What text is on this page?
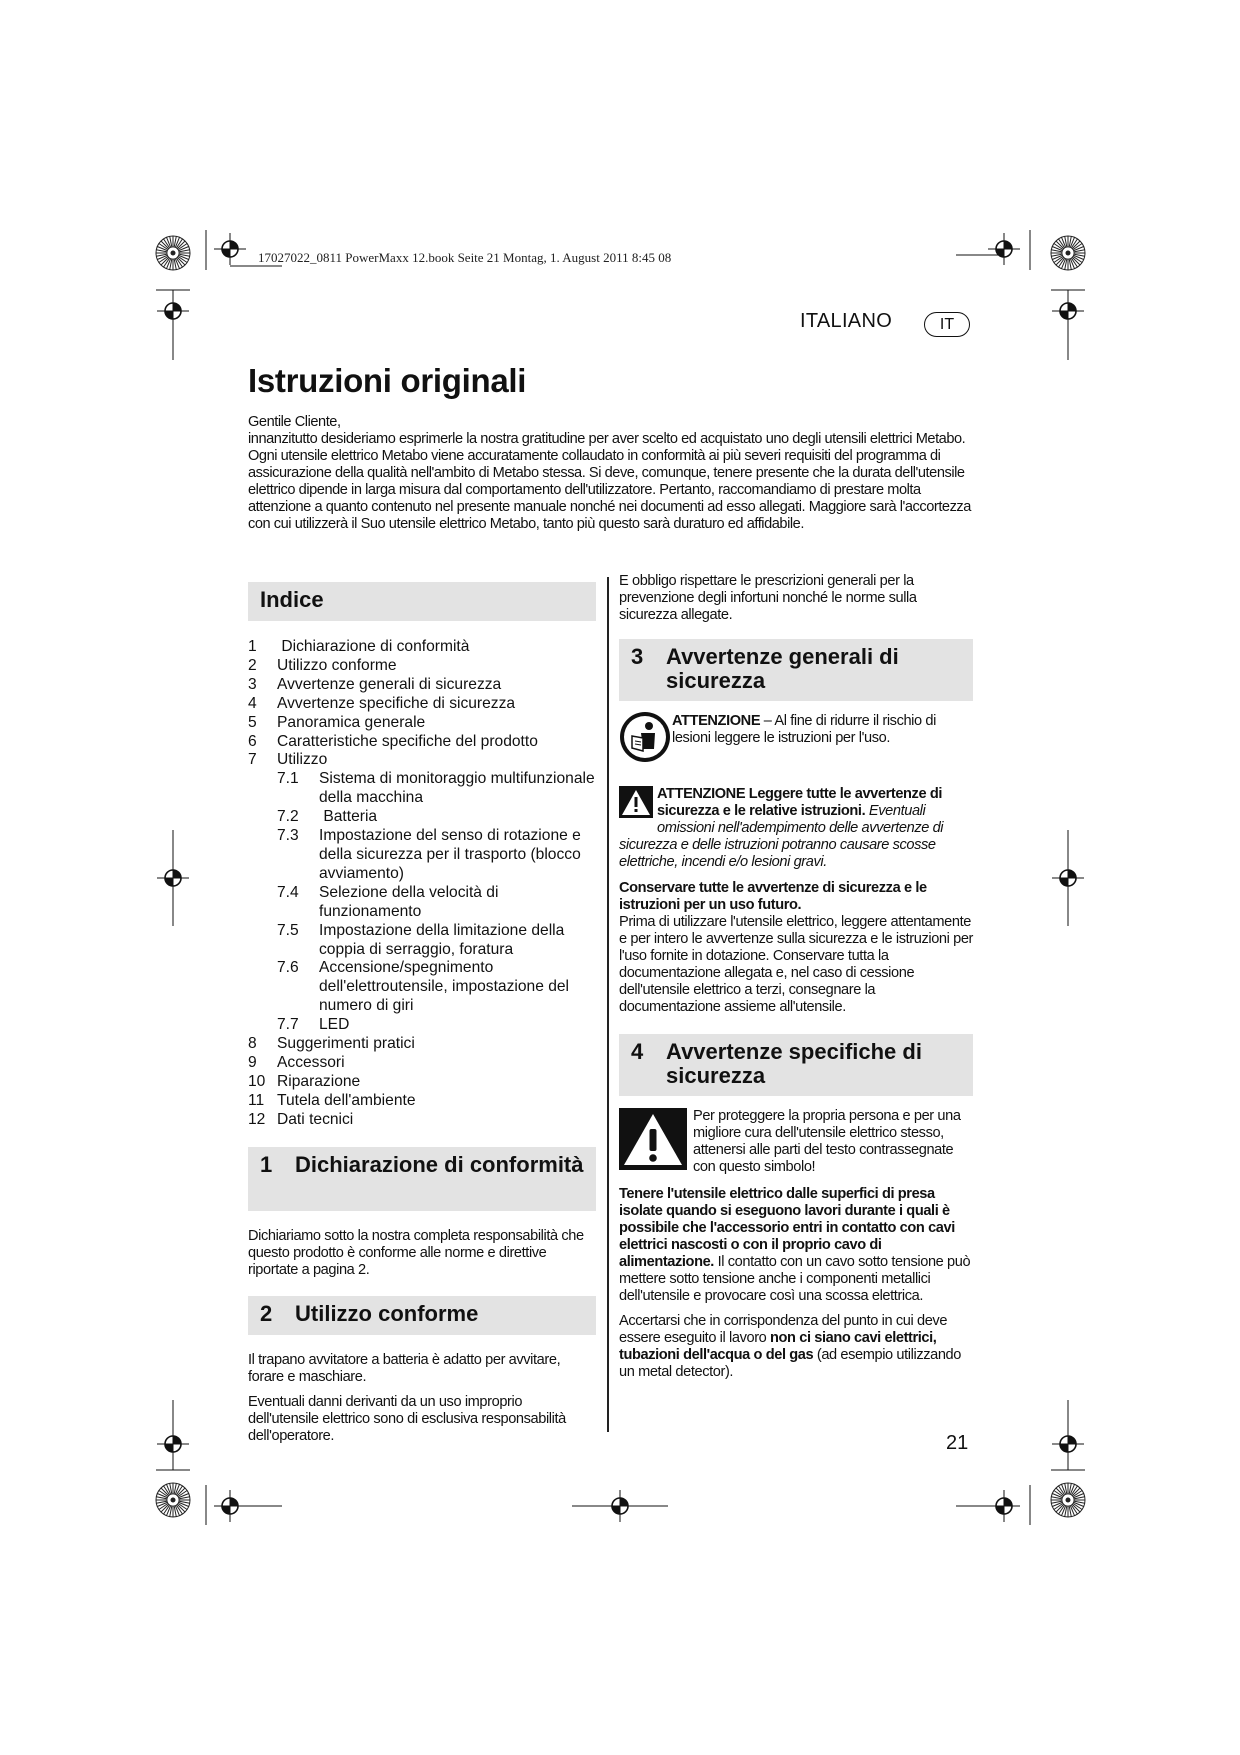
17027022_0811 PowerMaxx 12.book Seite 21 Montag, 1. August 2011 8:45 08
ITALIANO	IT
Istruzioni originali

Gentile Cliente,

innanzitutto desideriamo esprimerle la nostra gratitudine per aver scelto ed acquistato uno degli utensili elettrici Metabo. Ogni utensile elettrico Metabo viene accuratamente collaudato in conformità ai più severi requisiti del programma di assicurazione della qualità nell'ambito di Metabo stessa. Si deve, comunque, tenere presente che la durata dell'utensile elettrico dipende in larga misura dal comportamento dell'utilizzatore. Pertanto, raccomandiamo di prestare molta attenzione a quanto contenuto nel presente manuale nonché nei documenti ad esso allegati. Maggiore sarà l'accortezza con cui utilizzerà il Suo utensile elettrico Metabo, tanto più questo sarà duraturo ed affidabile.

Indice
1	Dichiarazione di conformità
2	Utilizzo conforme
3	Avvertenze generali di sicurezza
4	Avvertenze specifiche di sicurezza
5	Panoramica generale
6	Caratteristiche specifiche del prodotto
7	Utilizzo
7.1	Sistema di monitoraggio multifunzionale della macchina
7.2	Batteria
7.3	Impostazione del senso di rotazione e della sicurezza per il trasporto (blocco avviamento)
7.4	Selezione della velocità di funzionamento
7.5	Impostazione della limitazione della coppia di serraggio, foratura
7.6	Accensione/spegnimento dell'elettroutensile, impostazione del numero di giri
7.7	LED
8	Suggerimenti pratici
9	Accessori
10 Riparazione
11 Tutela dell'ambiente
12 Dati tecnici
1	Dichiarazione di conformità

Dichiariamo sotto la nostra completa responsabilità che questo prodotto è conforme alle norme e direttive riportate a pagina 2.

2	Utilizzo conforme

Il trapano avvitatore a batteria è adatto per avvitare, forare e maschiare.

Eventuali danni derivanti da un uso improprio dell'utensile elettrico sono di esclusiva responsabilità dell'operatore.

E obbligo rispettare le prescrizioni generali per la prevenzione degli infortuni nonché le norme sulla sicurezza allegate.

3	Avvertenze generali di sicurezza
ATTENZIONE – Al fine di ridurre il rischio di lesioni leggere le istruzioni per l'uso.
ATTENZIONE Leggere tutte le avvertenze di sicurezza e le relative istruzioni. Eventuali omissioni nell'adempimento delle avvertenze di sicurezza e delle istruzioni potranno causare scosse elettriche, incendi e/o lesioni gravi.
Conservare tutte le avvertenze di sicurezza e le istruzioni per un uso futuro.
Prima di utilizzare l'utensile elettrico, leggere attentamente e per intero le avvertenze sulla sicurezza e le istruzioni per l'uso fornite in dotazione. Conservare tutta la documentazione allegata e, nel caso di cessione dell'utensile elettrico a terzi, consegnare la documentazione assieme all'utensile.
4	Avvertenze specifiche di sicurezza
Per proteggere la propria persona e per una migliore cura dell'utensile elettrico stesso, attenersi alle parti del testo contrassegnate con questo simbolo!
Tenere l'utensile elettrico dalle superfici di presa isolate quando si eseguono lavori durante i quali è possibile che l'accessorio entri in contatto con cavi elettrici nascosti o con il proprio cavo di alimentazione. Il contatto con un cavo sotto tensione può mettere sotto tensione anche i componenti metallici dell'utensile e provocare così una scossa elettrica.
Accertarsi che in corrispondenza del punto in cui deve essere eseguito il lavoro non ci siano cavi elettrici, tubazioni dell'acqua o del gas (ad esempio utilizzando un metal detector).
21
